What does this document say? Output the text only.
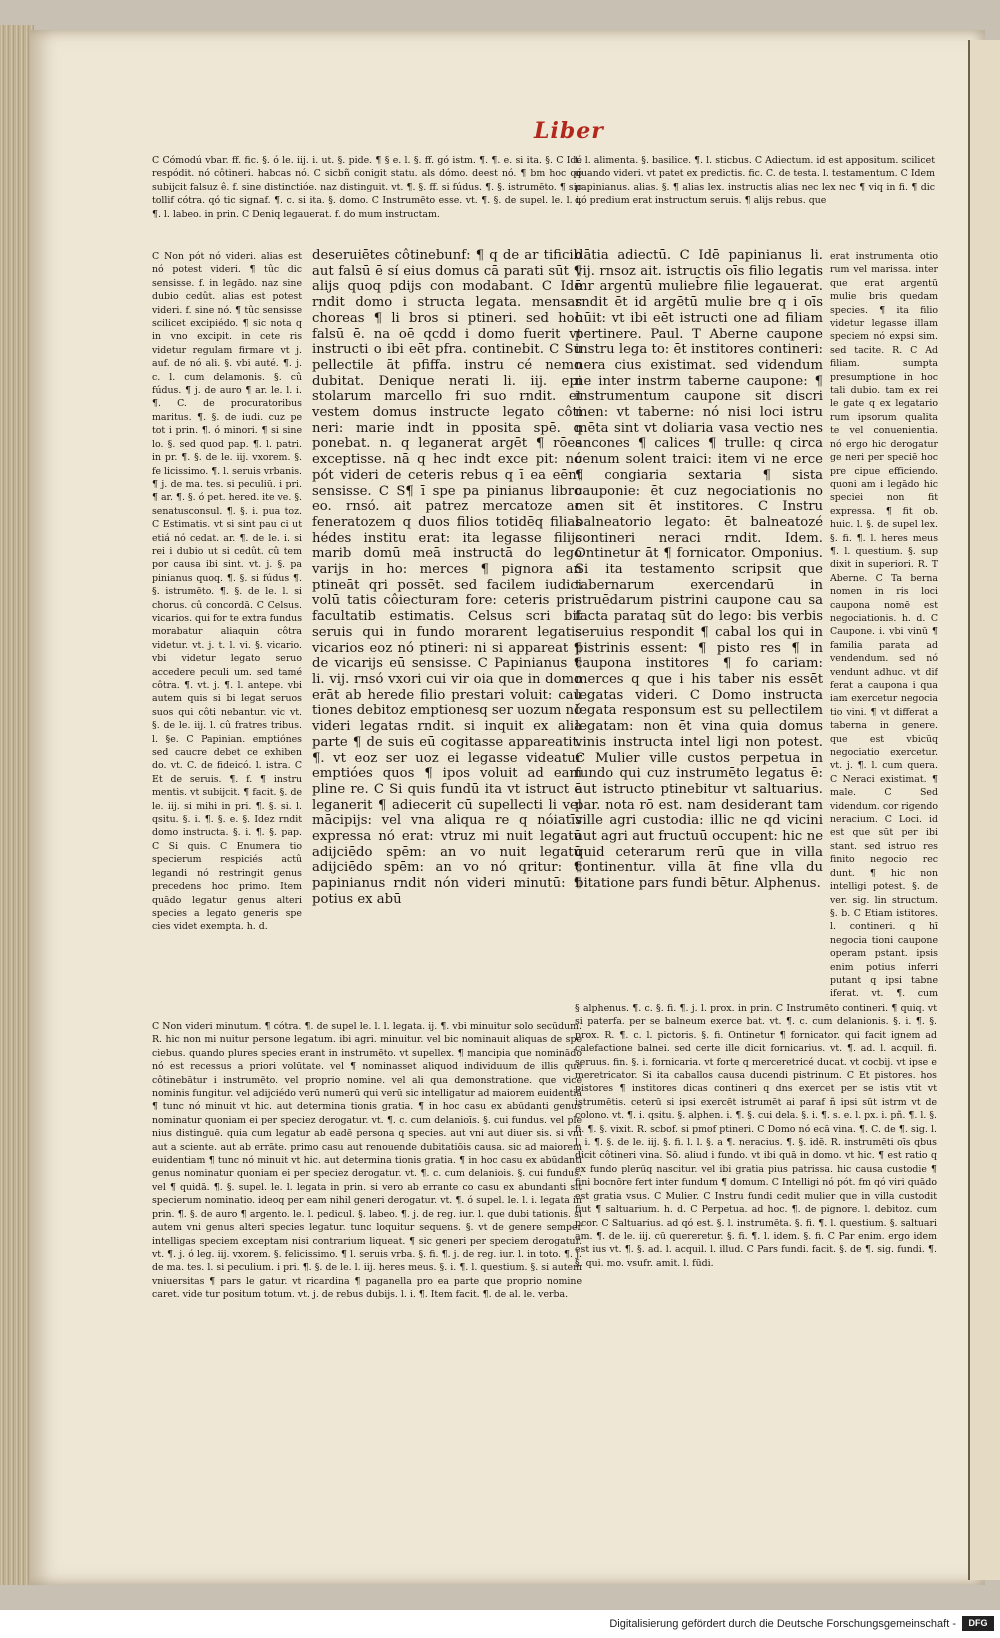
Liber
C Cómodú vbar. ff. fic. §. ó le. iij. i. ut. §. pide. ¶ § e. l. §. ff. gó istm. ¶. ¶. e. si ita. §. C Idé respódit. nó côtineri. habcas nó. C sicbñ conigit statu. als dómo. deest nó. ¶ bm hoc qó subijcit falsuz ê. f. sine distinctióe. naz distinguit. vt. ¶. §. ff. si fúdus. ¶. §. istrumēto. ¶ sic tollif cótra. qó tic signaf. ¶. c. si ita. §. domo. C Instrumēto esse. vt. ¶. §. de supel. le. l. i. ¶. l. labeo. in prin. C Deniq legauerat. f. do mum instructam.
C Non pót nó videri. alias est nó potest videri. ¶ tûc dic sensisse. f. in legādo. naz sine dubio cedût. alias est potest videri. f. sine nó. ¶ tûc sensisse scilicet excipiédo. ¶ sic nota q in vno excipit. in cete ris videtur regulam firmare vt j. auf. de nó ali. §. vbi auté. ¶. j. c. l. cum delamonis. §. cû fúdus. ¶ j. de auro ¶ ar. le. l. i. ¶. C. de procuratoribus maritus. ¶. §. de iudi. cuz pe tot i prin. ¶. ó minori. ¶ si sine lo. §. sed quod pap. ¶. l. patri. in pr. ¶. §. de le. iij. vxorem. §. fe licissimo. ¶. l. seruis vrbanis. ¶ j. de ma. tes. si peculiū. i pri. ¶ ar. ¶. §. ó pet. hered. ite ve. §. senatusconsul. ¶. §. i. pua toz. C Estimatis. vt si sint pau ci ut etiá nó cedat. ar. ¶. de le. i. si rei i dubio ut si cedût. cû tem por causa ibi sint. vt. j. §. pa pinianus quoq. ¶. §. si fúdus ¶. §. istrumēto. ¶. §. de le. l. si chorus. cû concordā. C Celsus. vicarios. qui for te extra fundus morabatur aliaquin côtra videtur. vt. j. t. l. vi. §. vicario. vbi videtur legato seruo accedere peculi um. sed tamé côtra. ¶. vt. j. ¶. l. antepe. vbi autem quis si bi legat seruos suos qui côti nebantur. vic vt. §. de le. iij. l. cû fratres tribus. l. §e. C Papinian. emptiónes sed caucre debet ce exhiben do. vt. C. de fideicó. l. istra. C Et de seruis. ¶. f. ¶ instru mentis. vt subijcit. ¶ facit. §. de le. iij. si mihi in pri. ¶. §. si. l. qsitu. §. i. ¶. §. e. §. Idez rndit domo instructa. §. i. ¶. §. pap. C Si quis. C Enumera tio specierum respiciés actû legandi nó restringit genus precedens hoc primo. Item quādo legatur genus alteri species a legato generis spe cies videt exempta. h. d.
deseruiētes côtinebunf: ¶ q de ar tificib aut falsū ē sí eius domus cā parati sūt ¶ alijs quoq pdijs con modabant. C Idē rndit domo i structa legata. mensas choreas ¶ li bros si ptineri. sed hoc falsū ē. na oē qcdd i domo fuerit vt instructi o ibi eēt pfra. continebit. C Su pellectile āt pfiffa. instru cé nemo dubitat. Denique nerati li. iij. epi stolarum marcello fri suo rndit. et vestem domus instructe legato côti neri: marie indt in pposita spē. q ponebat. n. q leganerat argēt ¶ rōes exceptisse. nā q hec indt exce pit: nó pót videri de ceteris rebus q ī ea eēnt sensisse. C S¶ ī spe pa pinianus libro eo. rnsó. ait patrez mercatoze ac feneratozem q duos filios totidēq filias hédes institu erat: ita legasse filijs marib domū meā instructā do lego varijs in ho: merces ¶ pignora an ptineāt qri possēt. sed facilem iudici volū tatis côiecturam fore: ceteris pris facultatib estimatis. Celsus scri bit seruis qui in fundo morarent legatis vicarios eoz nó ptineri: ni si appareat ¶ de vicarijs eū sensisse. C Papinianus ¶ li. vij. rnsó vxori cui vir oia que in domo erāt ab herede filio prestari voluit: cau tiones debitoz emptionesq ser uozum nó videri legatas rndit. si inquit ex alia parte ¶ de suis eū cogitasse appareatit. ¶. vt eoz ser uoz ei legasse videatur emptióes quos ¶ ipos voluit ad eam pline re. C Si quis fundū ita vt istruct ē leganerit ¶ adiecerit cū supellecti li vel mācipijs: vel vna aliqua re q nóiatīs expressa nó erat: vtruz mi nuit legatū adijciēdo spēm: an vo nuit legatū adijciēdo spēm: an vo nó qritur: ¶ papinianus rndit nón videri minutū: ¶ potius ex abū
dātia adiectū. C Idē papinianus li. vij. rnsoz ait. istructis oīs filio legatis mr argentū mulieb̄re filie legauerat. rndit ēt id argētū mulie bre q i oīs hūit: vt ibi eēt istructi one ad filiam pertinere. Paul. T Aberne caupone instru lega to: ēt institores contineri: nera cius existimat. sed videndum ne inter instrm taberne caupone: ¶ instrumentum caupone sit discri men: vt taberne: nó nisi loci istru mēta sint vt doliaria vasa vectio nes ancones ¶ calices ¶ trulle: q circa cenum solent traici: item vi ne erce ¶ congiaria sextaria ¶ sista cauponie: ēt cuz negociationis no men sit ēt institores. C Instru balneatorio legato: ēt balneatozé contineri neraci rndit. Idem. Ontinetur āt ¶ fornicator. Omponius. Si ita testamento scripsit que tabernarum exercendarū in struēdarum pistrini caupone cau sa facta parataq sūt do lego: bis verbis seruius respondit ¶ cabal los qui in pistrinis essent: ¶ pisto res ¶ in caupona institores ¶ fo cariam: merces q que i his taber nis essēt legatas videri. C Domo instructa legata responsum est su pellectilem legatam: non ēt vina quia domus vinis instructa intel ligi non potest. C Mulier ville custos perpetua in fundo qui cuz instrumēto legatus ē: aut istructo ptinebitur vt saltuarius. par. nota rō est. nam desiderant tam ville agri custodia: illic ne qd vicini aut agri aut fructuū occupent: hic ne quid ceterarum rerū que in villa continentur. villa āt fine vlla du bitatione pars fundi bētur. Alphenus.
t. l. alimenta. §. basilice. ¶. l. sticbus. C Adiectum. id est appositum. scilicet quando videri. vt patet ex predictis. fic. C. de testa. l. testamentum. C Idem papinianus. alias. §. ¶ alias lex. instructis alias nec lex nec ¶ viq in fi. ¶ dic qó predium erat instructum seruis. ¶ alijs rebus. que
erat instrumenta otio rum vel marissa. inter que erat argentū mulie bris quedam species. ¶ ita filio videtur legasse illam speciem nó expsi sim. sed tacite. R. C Ad filiam. sumpta presumptione in hoc tali dubio. tam ex rei le gate q ex legatario rum ipsorum qualita te vel conuenientia. nó ergo hic derogatur ge neri per speciē hoc pre cipue efficiendo. quoni am i legādo hic speciei non fit expressa. ¶ fit ob. huic. l. §. de supel lex. §. fi. ¶. l. heres meus ¶. l. questium. §. sup dixit in superiori. R. T Aberne. C Ta berna nomen in ris loci caupona nomē est negociationis. h. d. C Caupone. i. vbi vinū ¶ familia parata ad vendendum. sed nó vendunt adhuc. vt dif ferat a caupona i qua iam exercetur negocia tio vini. ¶ vt differat a taberna in genere. que est vbicūq negociatio exercetur. vt. j. ¶. l. cum quera. C Neraci existimat. ¶ male. C Sed videndum. cor rigendo neracium. C Loci. id est que sūt per ibi stant. sed istruo res finito negocio rec dunt. ¶ hic non intelligi potest. §. de ver. sig. lin structum. §. b. C Etiam istitores. l. contineri. q hī negocia tioni caupone operam pstant. ipsis enim potius inferri putant q ipsi tabne iferat. vt. ¶. cum
C Non videri minutum. ¶ cótra. ¶. de supel le. l. l. legata. ij. ¶. vbi minuitur solo secūdum. R. hic non mi nuitur persone legatum. ibi agri. minuitur. vel bic nominauit aliquas de spe ciebus. quando plures species erant in instrumēto. vt supellex. ¶ mancipia que nominādo nó est recessus a priori volūtate. vel ¶ nominasset aliquod individuum de illis que côtinebātur i instrumēto. vel proprio nomine. vel ali qua demonstratione. que vice nominis fungitur. vel adijciédo verū numerū qui verū sic intelligatur ad maiorem euidentiā ¶ tunc nó minuit vt hic. aut determina tionis gratia. ¶ in hoc casu ex abūdanti genus nominatur quoniam ei per speciez derogatur. vt. ¶. c. cum delanioīs. §. cui fundus. vel ple nius distinguē. quia cum legatur ab eadē persona q species. aut vni aut diuer sis. si vni aut a sciente. aut ab errāte. primo casu aut renouende dubitatiōis causa. sic ad maiorem euidentiam ¶ tunc nó minuit vt hic. aut determina tionis gratia. ¶ in hoc casu ex abūdanti genus nominatur quoniam ei per speciez derogatur. vt. ¶. c. cum delaniois. §. cui fundus. vel ¶ quidā. ¶. §. supel. le. l. legata in prin. si vero ab errante co casu ex abundanti sit specierum nominatio. ideoq per eam nihil generi derogatur. vt. ¶. ó supel. le. l. i. legata in prin. ¶. §. de auro ¶ argento. le. l. pedicul. §. labeo. ¶. j. de reg. iur. l. que dubi tationis. si autem vni genus alteri species legatur. tunc loquitur sequens. §. vt de genere semper intelligas speciem exceptam nisi contrarium liqueat. ¶ sic generi per speciem derogatur. vt. ¶. j. ó leg. iij. vxorem. §. felicissimo. ¶ l. seruis vrba. §. fi. ¶. j. de reg. iur. l. in toto. ¶. j. de ma. tes. l. si peculium. i pri. ¶. §. de le. l. iij. heres meus. §. i. ¶. l. questium. §. si autem vniuersitas ¶ pars le gatur. vt ricardina ¶ paganella pro ea parte que proprio nomine caret. vide tur positum totum. vt. j. de rebus dubijs. l. i. ¶. Item facit. ¶. de al. le. verba.
§ alphenus. ¶. c. §. fi. ¶. j. l. prox. in prin. C Instrumēto contineri. ¶ quiq. vt si paterfa. per se balneum exerce bat. vt. ¶. c. cum delanionis. §. i. ¶. §. prox. R. ¶. c. l. pictoris. §. fi. Ontinetur ¶ fornicator. qui facit ignem ad calefactione balnei. sed certe ille dicit fornicarius. vt. ¶. ad. l. acquil. fi. seruus. fin. §. i. fornicaria. vt forte q merceretricé ducat. vt cocbij. vt ipse e meretricator. Si ita caballos causa ducendi pistrinum. C Et pistores. hos pistores ¶ institores dicas contineri q dns exercet per se istis vtit vt istrumētis. ceterū si ipsi exercēt istrumēt ai paraf ñ ipsi sūt istrm vt de colono. vt. ¶. i. qsitu. §. alphen. i. ¶. §. cui dela. §. i. ¶. s. e. l. px. i. pñ. ¶. l. §. fi. ¶. §. vixit. R. scbof. si pmof ptineri. C Domo nó ecā vina. ¶. C. de ¶. sig. l. l. i. ¶. §. de le. iij. §. fi. l. l. §. a ¶. neracius. ¶. §. idē. R. instrumēti oīs qbus dicit côtineri vina. Sō. aliud i fundo. vt ibi quā in domo. vt hic. ¶ est ratio q ex fundo plerūq nascitur. vel ibi gratia pius patrissa. hic causa custodie ¶ fini bocnōre fert inter fundum ¶ domum. C Intelligi nó pót. fm qó viri quādo est gratia vsus. C Mulier. C Instru fundi cedit mulier que in villa custodit fiut ¶ saltuarium. h. d. C Perpetua. ad hoc. ¶. de pignore. l. debitoz. cum pcor. C Saltuarius. ad qó est. §. l. instrumēta. §. fi. ¶. l. questium. §. saltuari am. ¶. de le. iij. cū quereretur. §. fi. ¶. l. idem. §. fi. C Par enim. ergo idem est ius vt. ¶. §. ad. l. acquil. l. illud. C Pars fundi. facit. §. de ¶. sig. fundi. ¶. §. qui. mo. vsufr. amit. l. fūdi.
Digitalisierung gefördert durch die Deutsche Forschungsgemeinschaft -	DFG
